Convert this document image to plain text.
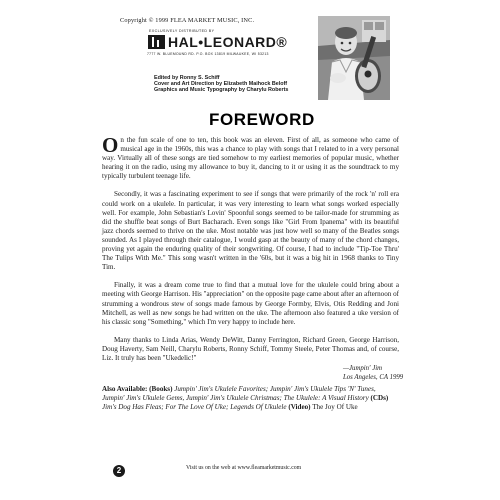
Copyright © 1999 FLEA MARKET MUSIC, INC.
EXCLUSIVELY DISTRIBUTED BY
HAL•LEONARD®
7777 W. BLUEMOUND RD. P.O. BOX 13819 MILWAUKEE, WI 53213
Edited by Ronny S. Schiff
Cover and Art Direction by Elizabeth Maihock Beloff
Graphics and Music Typography by Charylu Roberts
FOREWORD

On the fun scale of one to ten, this book was an eleven. First of all, as someone who came of musical age in the 1960s, this was a chance to play with songs that I related to in a very personal way. Virtually all of these songs are tied somehow to my earliest memories of popular music, whether hearing it on the radio, using my allowance to buy it, dancing to it or using it as the soundtrack to my typically turbulent teenage life.

Secondly, it was a fascinating experiment to see if songs that were primarily of the rock 'n' roll era could work on a ukulele. In particular, it was very interesting to learn what songs worked especially well. For example, John Sebastian's Lovin' Spoonful songs seemed to be tailor-made for strumming as did the shuffle beat songs of Burt Bacharach. Even songs like "Girl From Ipanema" with its beautiful jazz chords seemed to thrive on the uke. Most notable was just how well so many of the Beatles songs sounded. As I played through their catalogue, I would gasp at the beauty of many of the chord changes, proving yet again the enduring quality of their songwriting. Of course, I had to include "Tip-Toe Thru' The Tulips With Me." This song wasn't written in the '60s, but it was a big hit in 1968 thanks to Tiny Tim.

Finally, it was a dream come true to find that a mutual love for the ukulele could bring about a meeting with George Harrison. His "appreciation" on the opposite page came about after an afternoon of strumming a wondrous stew of songs made famous by George Formby, Elvis, Otis Redding and Joni Mitchell, as well as new songs he had written on the uke. The afternoon also featured a uke version of his classic song "Something," which I'm very happy to include here.

Many thanks to Linda Arias, Wendy DeWitt, Danny Ferrington, Richard Green, George Harrison, Doug Haverty, Sam Neill, Charylu Roberts, Ronny Schiff, Tommy Steele, Peter Thomas and, of course, Liz. It truly has been "Ukedelic!"

—Jumpin' Jim
Los Angeles, CA 1999
Also Available: (Books) Jumpin' Jim's Ukulele Favorites; Jumpin' Jim's Ukulele Tips 'N' Tunes, Jumpin' Jim's Ukulele Gems, Jumpin' Jim's Ukulele Christmas; The Ukulele: A Visual History (CDs) Jim's Dog Has Fleas; For The Love Of Uke; Legends Of Ukulele (Video) The Joy Of Uke
2	Visit us on the web at www.fleamarketmusic.com
